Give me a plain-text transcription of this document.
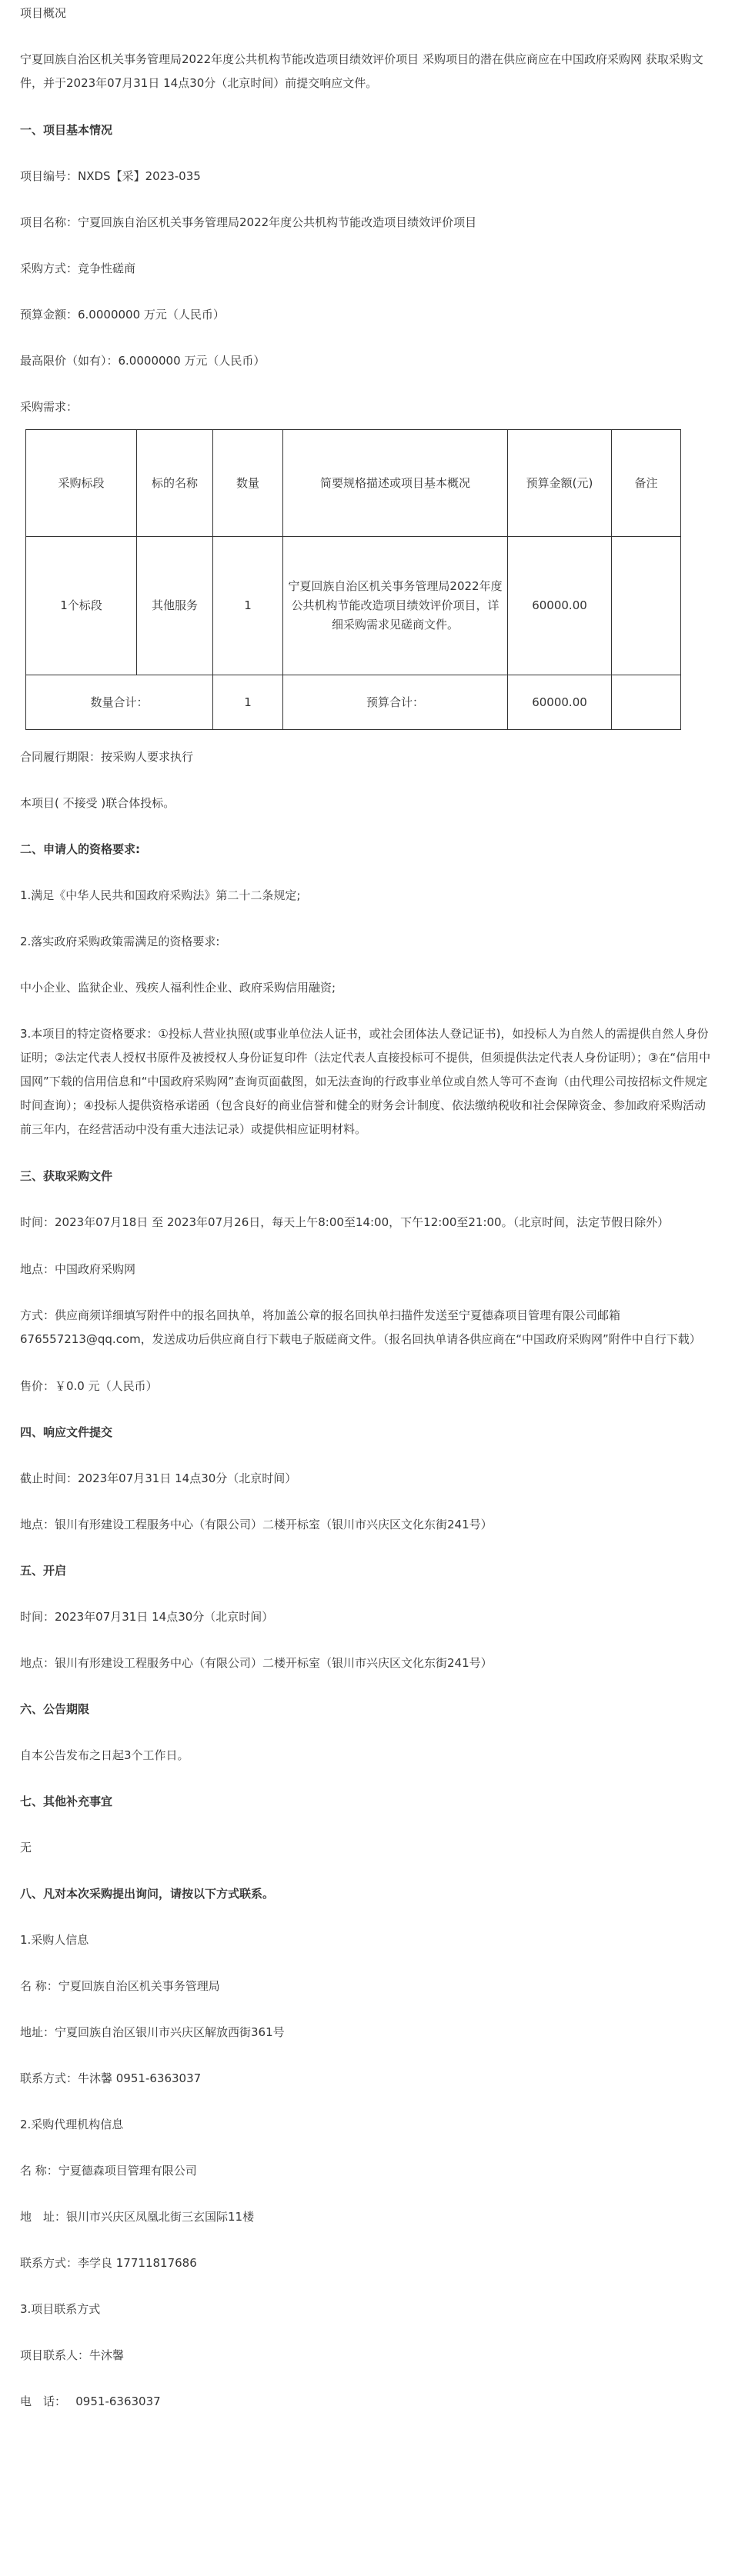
项目概况

宁夏回族自治区机关事务管理局2022年度公共机构节能改造项目绩效评价项目 采购项目的潜在供应商应在中国政府采购网 获取采购文件，并于2023年07月31日 14点30分（北京时间）前提交响应文件。

一、项目基本情况

项目编号：NXDS【采】2023-035

项目名称：宁夏回族自治区机关事务管理局2022年度公共机构节能改造项目绩效评价项目

采购方式：竞争性磋商

预算金额：6.0000000 万元（人民币）

最高限价（如有）：6.0000000 万元（人民币）

采购需求：

采购标段	标的名称	数量	简要规格描述或项目基本概况	预算金额(元)	备注
1个标段	其他服务	1	宁夏回族自治区机关事务管理局2022年度公共机构节能改造项目绩效评价项目，详细采购需求见磋商文件。	60000.00	
数量合计：		1	预算合计：	60000.00	

合同履行期限：按采购人要求执行

本项目( 不接受 )联合体投标。

二、申请人的资格要求:

1.满足《中华人民共和国政府采购法》第二十二条规定;

2.落实政府采购政策需满足的资格要求:

中小企业、监狱企业、残疾人福利性企业、政府采购信用融资;

3.本项目的特定资格要求：①投标人营业执照(或事业单位法人证书，或社会团体法人登记证书)，如投标人为自然人的需提供自然人身份证明；②法定代表人授权书原件及被授权人身份证复印件（法定代表人直接投标可不提供，但须提供法定代表人身份证明）；③在“信用中国网”下载的信用信息和“中国政府采购网”查询页面截图，如无法查询的行政事业单位或自然人等可不查询（由代理公司按招标文件规定时间查询）；④投标人提供资格承诺函（包含良好的商业信誉和健全的财务会计制度、依法缴纳税收和社会保障资金、参加政府采购活动前三年内，在经营活动中没有重大违法记录）或提供相应证明材料。

三、获取采购文件

时间：2023年07月18日 至 2023年07月26日，每天上午8:00至14:00，下午12:00至21:00。（北京时间，法定节假日除外）

地点：中国政府采购网

方式：供应商须详细填写附件中的报名回执单，将加盖公章的报名回执单扫描件发送至宁夏德森项目管理有限公司邮箱676557213@qq.com，发送成功后供应商自行下载电子版磋商文件。（报名回执单请各供应商在“中国政府采购网”附件中自行下载）

售价：￥0.0 元（人民币）

四、响应文件提交

截止时间：2023年07月31日 14点30分（北京时间）

地点：银川有形建设工程服务中心（有限公司）二楼开标室（银川市兴庆区文化东街241号）

五、开启

时间：2023年07月31日 14点30分（北京时间）

地点：银川有形建设工程服务中心（有限公司）二楼开标室（银川市兴庆区文化东街241号）

六、公告期限

自本公告发布之日起3个工作日。

七、其他补充事宜

无

八、凡对本次采购提出询问，请按以下方式联系。

1.采购人信息

名 称：宁夏回族自治区机关事务管理局

地址：宁夏回族自治区银川市兴庆区解放西街361号

联系方式：牛沐馨 0951-6363037

2.采购代理机构信息

名 称：宁夏德森项目管理有限公司

地　址：银川市兴庆区凤凰北街三玄国际11楼

联系方式：李学良 17711817686

3.项目联系方式

项目联系人：牛沐馨

电　话：　 0951-6363037
